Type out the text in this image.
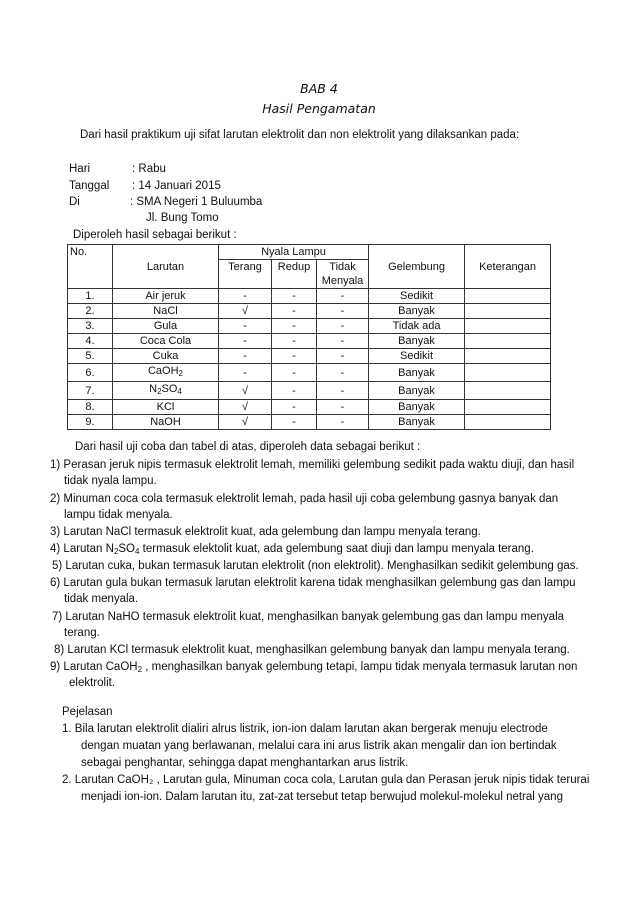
BAB 4
Hasil Pengamatan
Dari hasil praktikum uji sifat larutan elektrolit dan non elektrolit yang dilaksankan pada:
Hari	: Rabu
Tanggal : 14 Januari 2015
Di	: SMA Negeri 1 Buluumba
Jl. Bung Tomo
Diperoleh hasil sebagai berikut :
No.	Larutan	Nyala Lampu			Gelembung	Keterangan
		Terang	Redup	Tidak		
				Menyala		
1.	Air jeruk	-	-	-	Sedikit	
2.	NaCl	√	-	-	Banyak	
3.	Gula	-	-	-	Tidak ada	
4.	Coca Cola	-	-	-	Banyak	
5.	Cuka	-	-	-	Sedikit	
6.	CaOH$_2$	-	-	-	Banyak	
7.	$N_2SO_4$	√	-	-	Banyak	
8.	KCl	√	-	-	Banyak	
9.	NaOH	√	-	-	Banyak	
Dari hasil uji coba dan tabel di atas, diperoleh data sebagai berikut :
1) Perasan jeruk nipis termasuk elektrolit lemah, memiliki gelembung sedikit pada waktu diuji, dan hasil
tidak nyala lampu.
2) Minuman coca cola termasuk elektrolit lemah, pada hasil uji coba gelembung gasnya banyak dan
lampu tidak menyala.
3) Larutan NaCl termasuk elektrolit kuat, ada gelembung dan lampu menyala terang.
4) Larutan $N_2SO_4$ termasuk elektolit kuat, ada gelembung saat diuji dan lampu menyala terang.
5) Larutan cuka, bukan termasuk larutan elektrolit (non elektrolit). Menghasilkan sedikit gelembung gas.
6) Larutan gula bukan termasuk larutan elektrolit karena tidak menghasilkan gelembung gas dan lampu
tidak menyala.
7) Larutan NaHO termasuk elektrolit kuat, menghasilkan banyak gelembung gas dan lampu menyala
terang.
8) Larutan KCl termasuk elektrolit kuat, menghasilkan gelembung banyak dan lampu menyala terang.
9) Larutan CaOH$_2$ , menghasilkan banyak gelembung tetapi, lampu tidak menyala termasuk larutan non
elektrolit.
Pejelasan
1. Bila larutan elektrolit dialiri alrus listrik, ion-ion dalam larutan akan bergerak menuju electrode
dengan muatan yang berlawanan, melalui cara ini arus listrik akan mengalir dan ion bertindak
sebagai penghantar, sehingga dapat menghantarkan arus listrik.
2. Larutan CaOH₂ , Larutan gula, Minuman coca cola, Larutan gula dan Perasan jeruk nipis tidak terurai
menjadi ion-ion. Dalam larutan itu, zat-zat tersebut tetap berwujud molekul-molekul netral yang
